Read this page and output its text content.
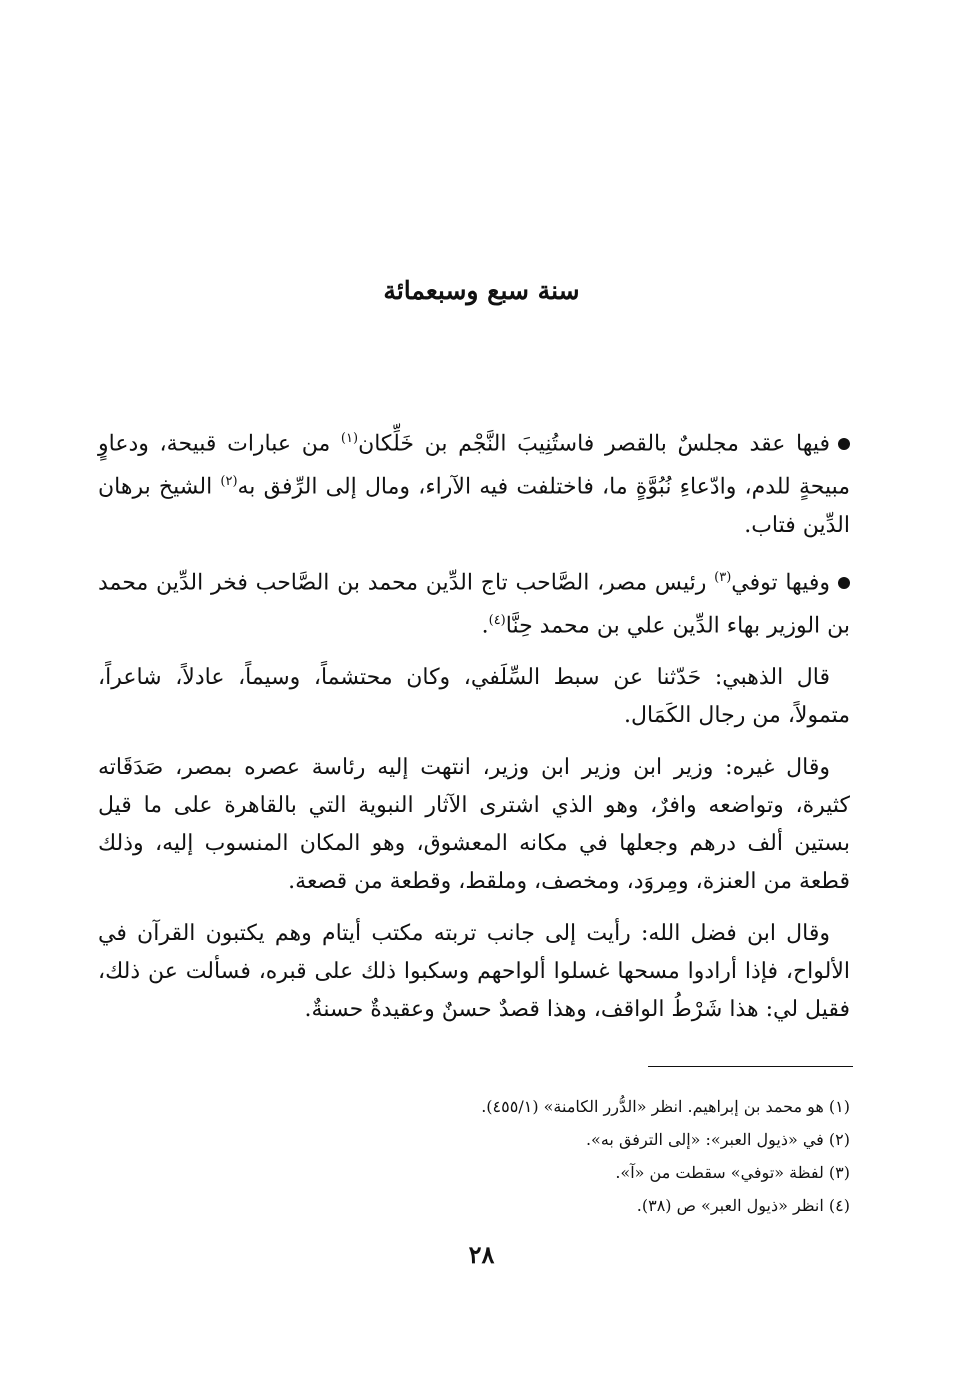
سنة سبع وسبعمائة

فيها عقد مجلسٌ بالقصر فاستُنِيبَ النَّجْم بن خَلِّكان$^{(١)}$ من عبارات قبيحة، ودعاوٍ مبيحةٍ للدم، وادّعاءِ نُبُوَّةٍ ما، فاختلفت فيه الآراء، ومال إلى الرِّفق به$^{(٢)}$ الشيخ برهان الدِّين فتاب.

وفيها توفي$^{(٣)}$ رئيس مصر، الصَّاحب تاج الدِّين محمد بن الصَّاحب فخر الدِّين محمد بن الوزير بهاء الدِّين علي بن محمد حِنَّا$^{(٤)}$.

قال الذهبي: حَدّثنا عن سبط السِّلَفي، وكان محتشماً، وسيماً، عادلاً، شاعراً، متمولاً، من رجال الكَمَال.

وقال غيره: وزير ابن وزير ابن وزير، انتهت إليه رئاسة عصره بمصر، صَدَقَاته كثيرة، وتواضعه وافرٌ، وهو الذي اشترى الآثار النبوية التي بالقاهرة على ما قيل بستين ألف درهم وجعلها في مكانه المعشوق، وهو المكان المنسوب إليه، وذلك قطعة من العنزة، ومِروَد، ومخصف، وملقط، وقطعة من قصعة.

وقال ابن فضل الله: رأيت إلى جانب تربته مكتب أيتام وهم يكتبون القرآن في الألواح، فإذا أرادوا مسحها غسلوا ألواحهم وسكبوا ذلك على قبره، فسألت عن ذلك، فقيل لي: هذا شَرْطُ الواقف، وهذا قصدٌ حسنٌ وعقيدةٌ حسنةٌ.

(١) هو محمد بن إبراهيم. انظر «الدُّرر الكامنة» (٤٥٥/١).

(٢) في «ذيول العبر»: «إلى الترفق به».

(٣) لفظة «توفي» سقطت من «آ».

(٤) انظر «ذيول العبر» ص (٣٨).

٢٨
